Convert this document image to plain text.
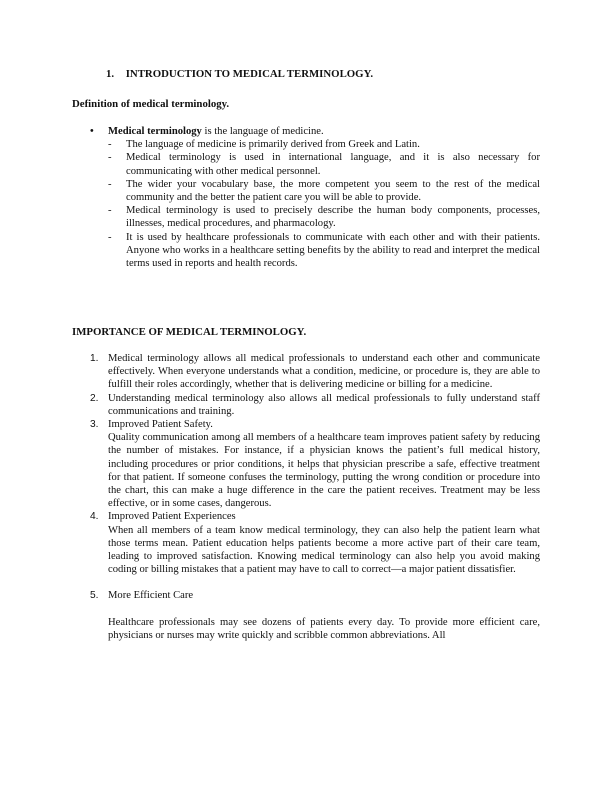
1. INTRODUCTION TO MEDICAL TERMINOLOGY.
Definition of medical terminology.
• Medical terminology is the language of medicine.
- The language of medicine is primarily derived from Greek and Latin.
- Medical terminology is used in international language, and it is also necessary for communicating with other medical personnel.
- The wider your vocabulary base, the more competent you seem to the rest of the medical community and the better the patient care you will be able to provide.
- Medical terminology is used to precisely describe the human body components, processes, illnesses, medical procedures, and pharmacology.
- It is used by healthcare professionals to communicate with each other and with their patients. Anyone who works in a healthcare setting benefits by the ability to read and interpret the medical terms used in reports and health records.
IMPORTANCE OF MEDICAL TERMINOLOGY.
1. Medical terminology allows all medical professionals to understand each other and communicate effectively. When everyone understands what a condition, medicine, or procedure is, they are able to fulfill their roles accordingly, whether that is delivering medicine or billing for a medicine.

2. Understanding medical terminology also allows all medical professionals to fully understand staff communications and training.

3. Improved Patient Safety.

Quality communication among all members of a healthcare team improves patient safety by reducing the number of mistakes. For instance, if a physician knows the patient’s full medical history, including procedures or prior conditions, it helps that physician prescribe a safe, effective treatment for that patient. If someone confuses the terminology, putting the wrong condition or procedure into the chart, this can make a huge difference in the care the patient receives. Treatment may be less effective, or in some cases, dangerous.

4. Improved Patient Experiences

When all members of a team know medical terminology, they can also help the patient learn what those terms mean. Patient education helps patients become a more active part of their care team, leading to improved satisfaction. Knowing medical terminology can also help you avoid making coding or billing mistakes that a patient may have to call to correct—a major patient dissatisfier.

5. More Efficient Care

Healthcare professionals may see dozens of patients every day. To provide more efficient care, physicians or nurses may write quickly and scribble common abbreviations. All
